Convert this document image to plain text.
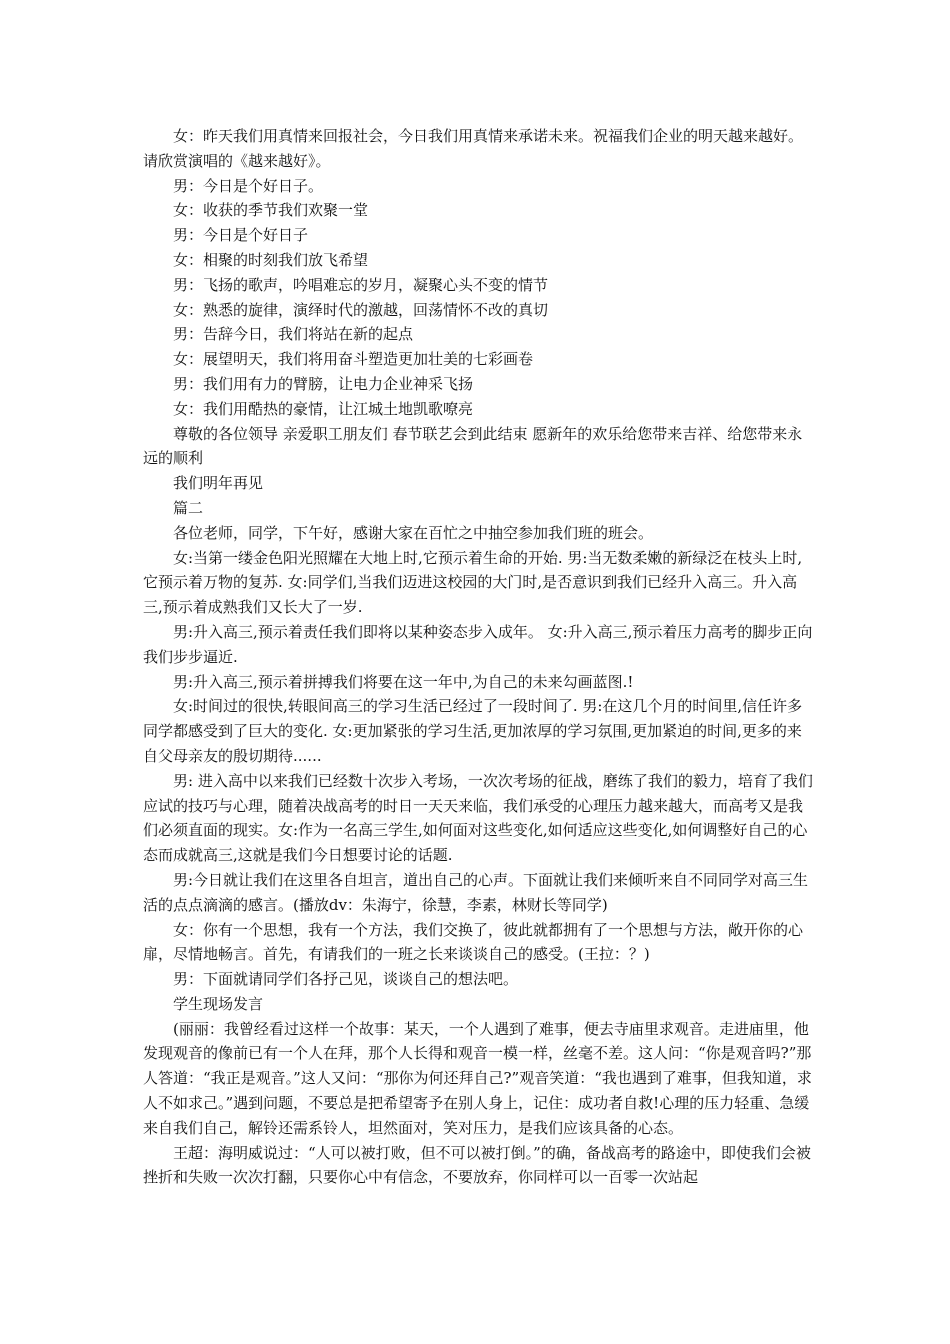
女：昨天我们用真情来回报社会，今日我们用真情来承诺未来。祝福我们企业的明天越来越好。请欣赏演唱的《越来越好》。

男：今日是个好日子。

女：收获的季节我们欢聚一堂

男：今日是个好日子

女：相聚的时刻我们放飞希望

男：飞扬的歌声，吟唱难忘的岁月，凝聚心头不变的情节

女：熟悉的旋律，演绎时代的激越，回荡情怀不改的真切

男：告辞今日，我们将站在新的起点

女：展望明天，我们将用奋斗塑造更加壮美的七彩画卷

男：我们用有力的臂膀，让电力企业神采飞扬

女：我们用酷热的豪情，让江城土地凯歌嘹亮

尊敬的各位领导 亲爱职工朋友们 春节联艺会到此结束 愿新年的欢乐给您带来吉祥、给您带来永远的顺利

我们明年再见

篇二

各位老师，同学，下午好，感谢大家在百忙之中抽空参加我们班的班会。

女:当第一缕金色阳光照耀在大地上时,它预示着生命的开始. 男:当无数柔嫩的新绿泛在枝头上时,它预示着万物的复苏. 女:同学们,当我们迈进这校园的大门时,是否意识到我们已经升入高三。升入高三,预示着成熟我们又长大了一岁.

男:升入高三,预示着责任我们即将以某种姿态步入成年。 女:升入高三,预示着压力高考的脚步正向我们步步逼近.

男:升入高三,预示着拼搏我们将要在这一年中,为自己的未来勾画蓝图.!

女:时间过的很快,转眼间高三的学习生活已经过了一段时间了. 男:在这几个月的时间里,信任许多同学都感受到了巨大的变化. 女:更加紧张的学习生活,更加浓厚的学习氛围,更加紧迫的时间,更多的来自父母亲友的殷切期待......

男: 进入高中以来我们已经数十次步入考场，一次次考场的征战，磨练了我们的毅力，培育了我们应试的技巧与心理，随着决战高考的时日一天天来临，我们承受的心理压力越来越大，而高考又是我们必须直面的现实。女:作为一名高三学生,如何面对这些变化,如何适应这些变化,如何调整好自己的心态而成就高三,这就是我们今日想要讨论的话题.

男:今日就让我们在这里各自坦言，道出自己的心声。下面就让我们来倾听来自不同同学对高三生活的点点滴滴的感言。(播放dv：朱海宁，徐慧，李素，林财长等同学)

女：你有一个思想，我有一个方法，我们交换了，彼此就都拥有了一个思想与方法，敞开你的心扉，尽情地畅言。首先，有请我们的一班之长来谈谈自己的感受。(王拉：？)

男：下面就请同学们各抒己见，谈谈自己的想法吧。

学生现场发言

(丽丽：我曾经看过这样一个故事：某天，一个人遇到了难事，便去寺庙里求观音。走进庙里，他发现观音的像前已有一个人在拜，那个人长得和观音一模一样，丝毫不差。这人问：“你是观音吗?”那人答道：“我正是观音。”这人又问：“那你为何还拜自己?”观音笑道：“我也遇到了难事，但我知道，求人不如求己。”遇到问题，不要总是把希望寄予在别人身上，记住：成功者自救!心理的压力轻重、急缓来自我们自己，解铃还需系铃人，坦然面对，笑对压力，是我们应该具备的心态。

王超：海明威说过：“人可以被打败，但不可以被打倒。”的确，备战高考的路途中，即使我们会被挫折和失败一次次打翻，只要你心中有信念，不要放弃，你同样可以一百零一次站起
